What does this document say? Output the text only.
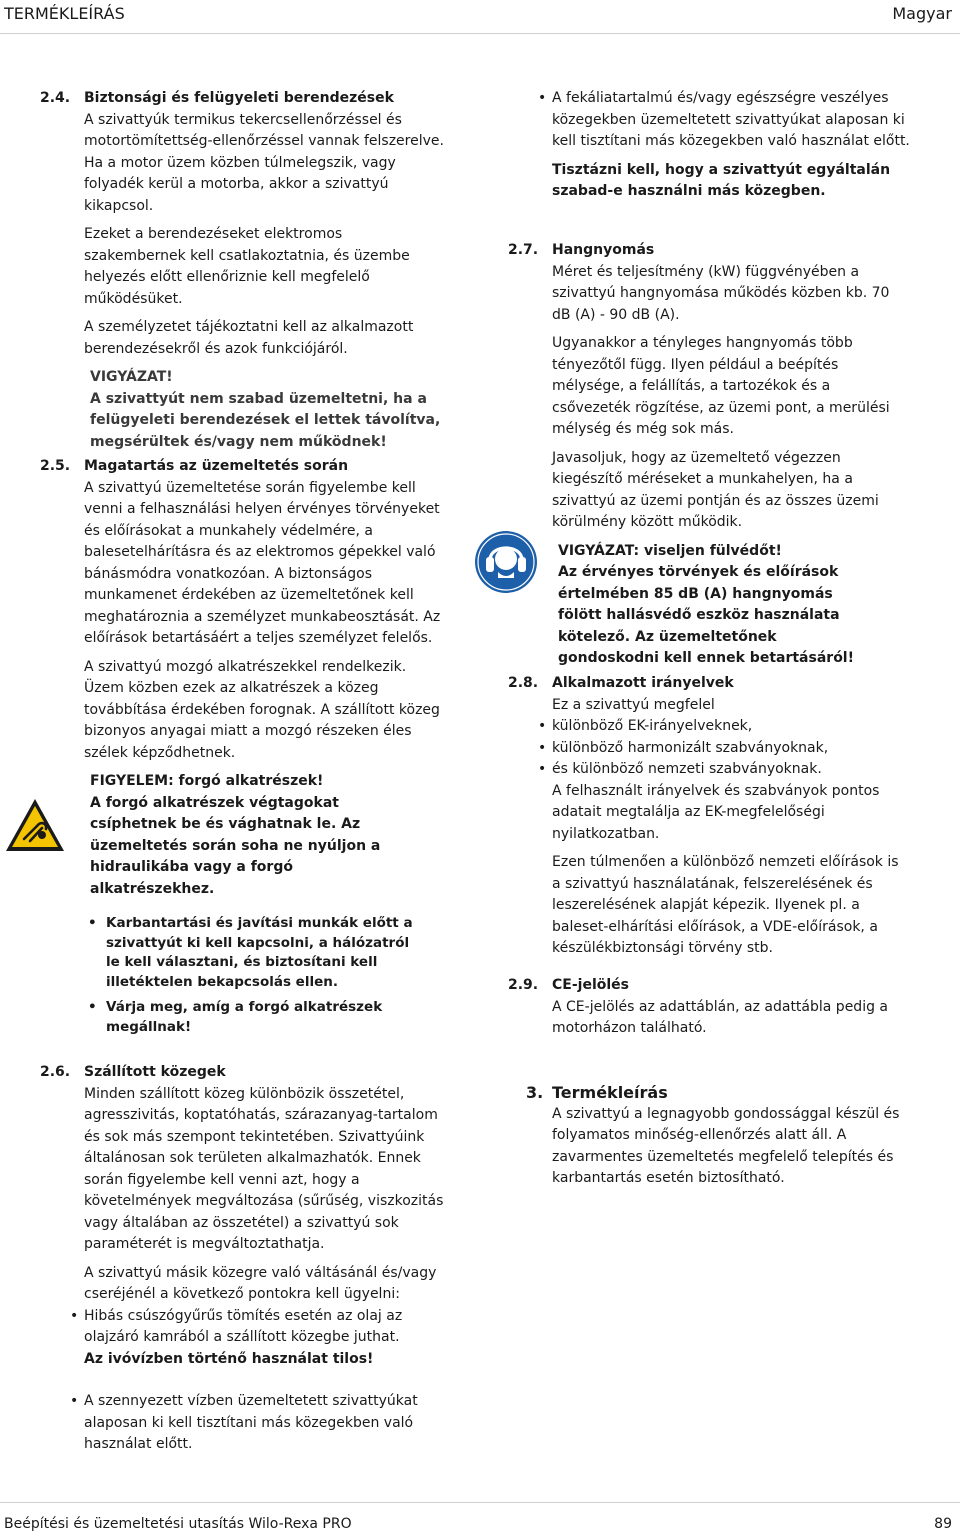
TERMÉKLEÍRÁS	Magyar
2.4. Biztonsági és felügyeleti berendezések

A szivattyúk termikus tekercsellenőrzéssel és motortömítettség-ellenőrzéssel vannak felszerelve. Ha a motor üzem közben túlmelegszik, vagy folyadék kerül a motorba, akkor a szivattyú kikapcsol.

Ezeket a berendezéseket elektromos szakembernek kell csatlakoztatnia, és üzembe helyezés előtt ellenőriznie kell megfelelő működésüket.

A személyzetet tájékoztatni kell az alkalmazott berendezésekről és azok funkciójáról.

VIGYÁZAT!
A szivattyút nem szabad üzemeltetni, ha a felügyeleti berendezések el lettek távolítva, megsérültek és/vagy nem működnek!
2.5. Magatartás az üzemeltetés során

A szivattyú üzemeltetése során figyelembe kell venni a felhasználási helyen érvényes törvényeket és előírásokat a munkahely védelmére, a balesetelhárításra és az elektromos gépekkel való bánásmódra vonatkozóan. A biztonságos munkamenet érdekében az üzemeltetőnek kell meghatároznia a személyzet munkabeosztását. Az előírások betartásáért a teljes személyzet felelős.

A szivattyú mozgó alkatrészekkel rendelkezik. Üzem közben ezek az alkatrészek a közeg továbbítása érdekében forognak. A szállított közeg bizonyos anyagai miatt a mozgó részeken éles szélek képződhetnek.

FIGYELEM: forgó alkatrészek!
A forgó alkatrészek végtagokat csíphetnek be és vághatnak le. Az üzemeltetés során soha ne nyúljon a hidraulikába vagy a forgó alkatrészekhez.
• Karbantartási és javítási munkák előtt a szivattyút ki kell kapcsolni, a hálózatról le kell választani, és biztosítani kell illetéktelen bekapcsolás ellen.
• Várja meg, amíg a forgó alkatrészek megállnak!
2.6. Szállított közegek

Minden szállított közeg különbözik összetétel, agresszivitás, koptatóhatás, szárazanyag-tartalom és sok más szempont tekintetében. Szivattyúink általánosan sok területen alkalmazhatók. Ennek során figyelembe kell venni azt, hogy a követelmények megváltozása (sűrűség, viszkozitás vagy általában az összetétel) a szivattyú sok paraméterét is megváltoztathatja.

A szivattyú másik közegre való váltásánál és/vagy cseréjénél a következő pontokra kell ügyelni:

• Hibás csúszógyűrűs tömítés esetén az olaj az olajzáró kamrából a szállított közegbe juthat.
Az ivóvízben történő használat tilos!
• A szennyezett vízben üzemeltetett szivattyúkat alaposan ki kell tisztítani más közegekben való használat előtt.
• A fekáliatartalmú és/vagy egészségre veszélyes közegekben üzemeltetett szivattyúkat alaposan ki kell tisztítani más közegekben való használat előtt.
Tisztázni kell, hogy a szivattyút egyáltalán szabad-e használni más közegben.
2.7. Hangnyomás

Méret és teljesítmény (kW) függvényében a szivattyú hangnyomása működés közben kb. 70 dB (A) - 90 dB (A).

Ugyanakkor a tényleges hangnyomás több tényezőtől függ. Ilyen például a beépítés mélysége, a felállítás, a tartozékok és a csővezeték rögzítése, az üzemi pont, a merülési mélység és még sok más.

Javasoljuk, hogy az üzemeltető végezzen kiegészítő méréseket a munkahelyen, ha a szivattyú az üzemi pontján és az összes üzemi körülmény között működik.

VIGYÁZAT: viseljen fülvédőt!
Az érvényes törvények és előírások értelmében 85 dB (A) hangnyomás fölött hallásvédő eszköz használata kötelező. Az üzemeltetőnek gondoskodni kell ennek betartásáról!
2.8. Alkalmazott irányelvek

Ez a szivattyú megfelel

• különböző EK-irányelveknek,
• különböző harmonizált szabványoknak,
• és különböző nemzeti szabványoknak.

A felhasznált irányelvek és szabványok pontos adatait megtalálja az EK-megfelelőségi nyilatkozatban.

Ezen túlmenően a különböző nemzeti előírások is a szivattyú használatának, felszerelésének és leszerelésének alapját képezik. Ilyenek pl. a baleset-elhárítási előírások, a VDE-előírások, a készülékbiztonsági törvény stb.

2.9. CE-jelölés

A CE-jelölés az adattáblán, az adattábla pedig a motorházon található.

3. Termékleírás

A szivattyú a legnagyobb gondossággal készül és folyamatos minőség-ellenőrzés alatt áll. A zavarmentes üzemeltetés megfelelő telepítés és karbantartás esetén biztosítható.

Beépítési és üzemeltetési utasítás Wilo-Rexa PRO	89
